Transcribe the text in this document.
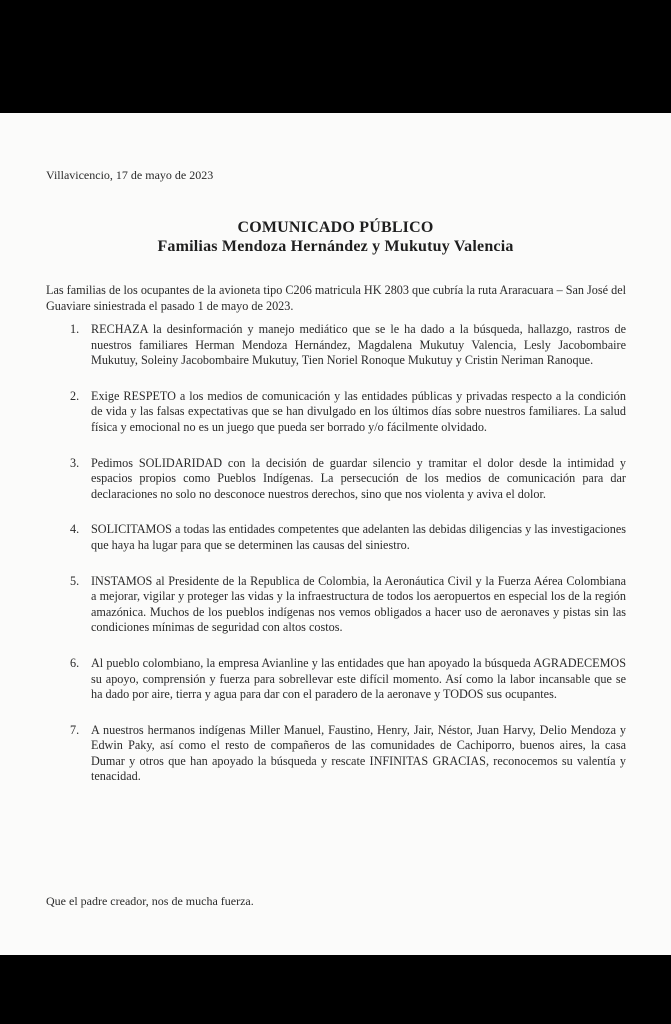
Villavicencio, 17 de mayo de 2023
COMUNICADO PÚBLICO
Familias Mendoza Hernández y Mukutuy Valencia
Las familias de los ocupantes de la avioneta tipo C206 matricula HK 2803 que cubría la ruta Araracuara – San José del Guaviare siniestrada el pasado 1 de mayo de 2023.
1. RECHAZA la desinformación y manejo mediático que se le ha dado a la búsqueda, hallazgo, rastros de nuestros familiares Herman Mendoza Hernández, Magdalena Mukutuy Valencia, Lesly Jacobombaire Mukutuy, Soleiny Jacobombaire Mukutuy, Tien Noriel Ronoque Mukutuy y Cristin Neriman Ranoque.
2. Exige RESPETO a los medios de comunicación y las entidades públicas y privadas respecto a la condición de vida y las falsas expectativas que se han divulgado en los últimos días sobre nuestros familiares. La salud física y emocional no es un juego que pueda ser borrado y/o fácilmente olvidado.
3. Pedimos SOLIDARIDAD con la decisión de guardar silencio y tramitar el dolor desde la intimidad y espacios propios como Pueblos Indígenas. La persecución de los medios de comunicación para dar declaraciones no solo no desconoce nuestros derechos, sino que nos violenta y aviva el dolor.
4. SOLICITAMOS a todas las entidades competentes que adelanten las debidas diligencias y las investigaciones que haya ha lugar para que se determinen las causas del siniestro.
5. INSTAMOS al Presidente de la Republica de Colombia, la Aeronáutica Civil y la Fuerza Aérea Colombiana a mejorar, vigilar y proteger las vidas y la infraestructura de todos los aeropuertos en especial los de la región amazónica. Muchos de los pueblos indígenas nos vemos obligados a hacer uso de aeronaves y pistas sin las condiciones mínimas de seguridad con altos costos.
6. Al pueblo colombiano, la empresa Avianline y las entidades que han apoyado la búsqueda AGRADECEMOS su apoyo, comprensión y fuerza para sobrellevar este difícil momento. Así como la labor incansable que se ha dado por aire, tierra y agua para dar con el paradero de la aeronave y TODOS sus ocupantes.
7. A nuestros hermanos indígenas Miller Manuel, Faustino, Henry, Jair, Néstor, Juan Harvy, Delio Mendoza y Edwin Paky, así como el resto de compañeros de las comunidades de Cachiporro, buenos aires, la casa Dumar y otros que han apoyado la búsqueda y rescate INFINITAS GRACIAS, reconocemos su valentía y tenacidad.
Que el padre creador, nos de mucha fuerza.
